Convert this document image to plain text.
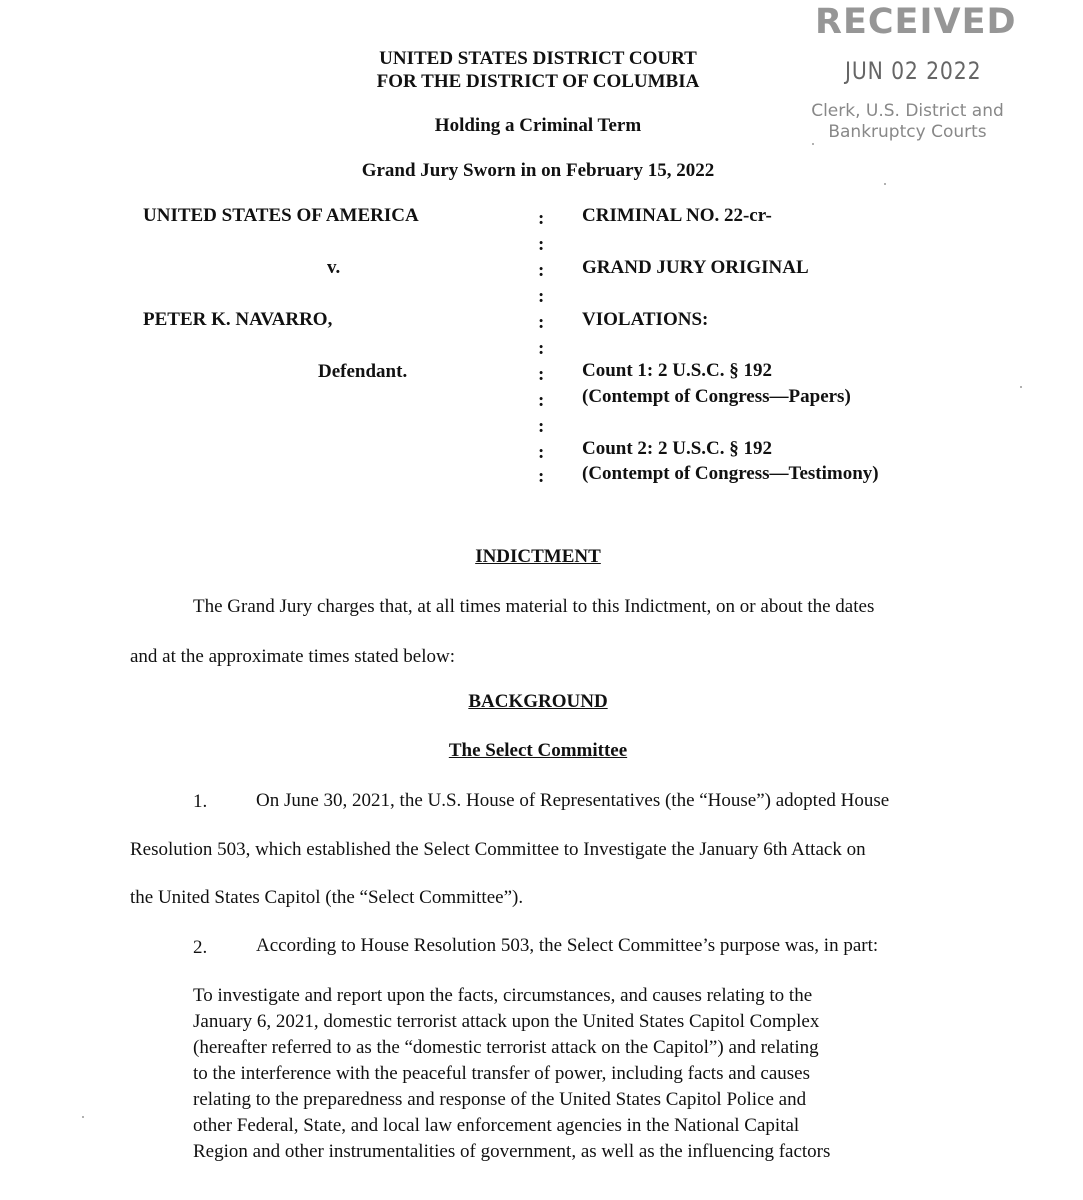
RECEIVED
JUN 02 2022
Clerk, U.S. District and
Bankruptcy Courts
UNITED STATES DISTRICT COURT
FOR THE DISTRICT OF COLUMBIA
Holding a Criminal Term
Grand Jury Sworn in on February 15, 2022
UNITED STATES OF AMERICA
v.
PETER K. NAVARRO,
Defendant.
:
:
:
:
:
:
:
:
:
:
:
CRIMINAL NO. 22-cr-
GRAND JURY ORIGINAL
VIOLATIONS:
Count 1: 2 U.S.C. § 192
(Contempt of Congress—Papers)
Count 2: 2 U.S.C. § 192
(Contempt of Congress—Testimony)
INDICTMENT
The Grand Jury charges that, at all times material to this Indictment, on or about the dates
and at the approximate times stated below:
BACKGROUND
The Select Committee
1.	On June 30, 2021, the U.S. House of Representatives (the “House”) adopted House
Resolution 503, which established the Select Committee to Investigate the January 6th Attack on
the United States Capitol (the “Select Committee”).
2.	According to House Resolution 503, the Select Committee’s purpose was, in part:
To investigate and report upon the facts, circumstances, and causes relating to the
January 6, 2021, domestic terrorist attack upon the United States Capitol Complex
(hereafter referred to as the “domestic terrorist attack on the Capitol”) and relating
to the interference with the peaceful transfer of power, including facts and causes
relating to the preparedness and response of the United States Capitol Police and
other Federal, State, and local law enforcement agencies in the National Capital
Region and other instrumentalities of government, as well as the influencing factors
